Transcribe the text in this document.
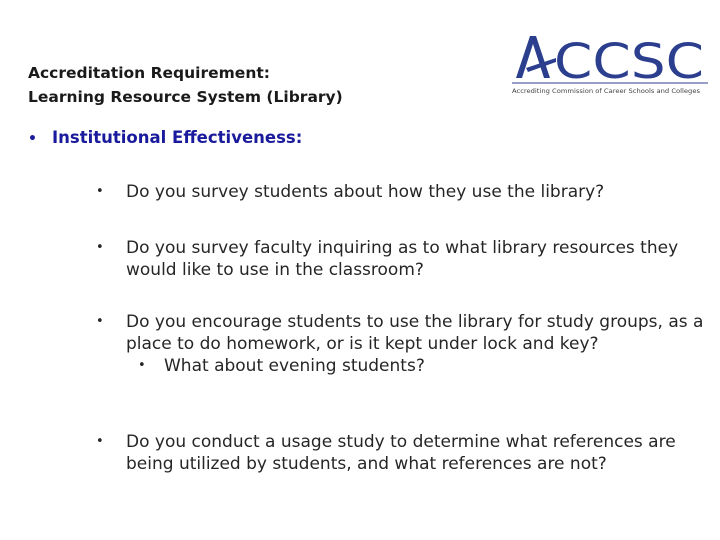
Accreditation Requirement:
Learning Resource System (Library)
CCSC
Accrediting Commission of Career Schools and Colleges
• Institutional Effectiveness:
•	Do you survey students about how they use the library?
•	Do you survey faculty inquiring as to what library resources they would like to use in the classroom?
•	Do you encourage students to use the library for study groups, as a place to do homework, or is it kept under lock and key?
•	What about evening students?
•	Do you conduct a usage study to determine what references are being utilized by students, and what references are not?
